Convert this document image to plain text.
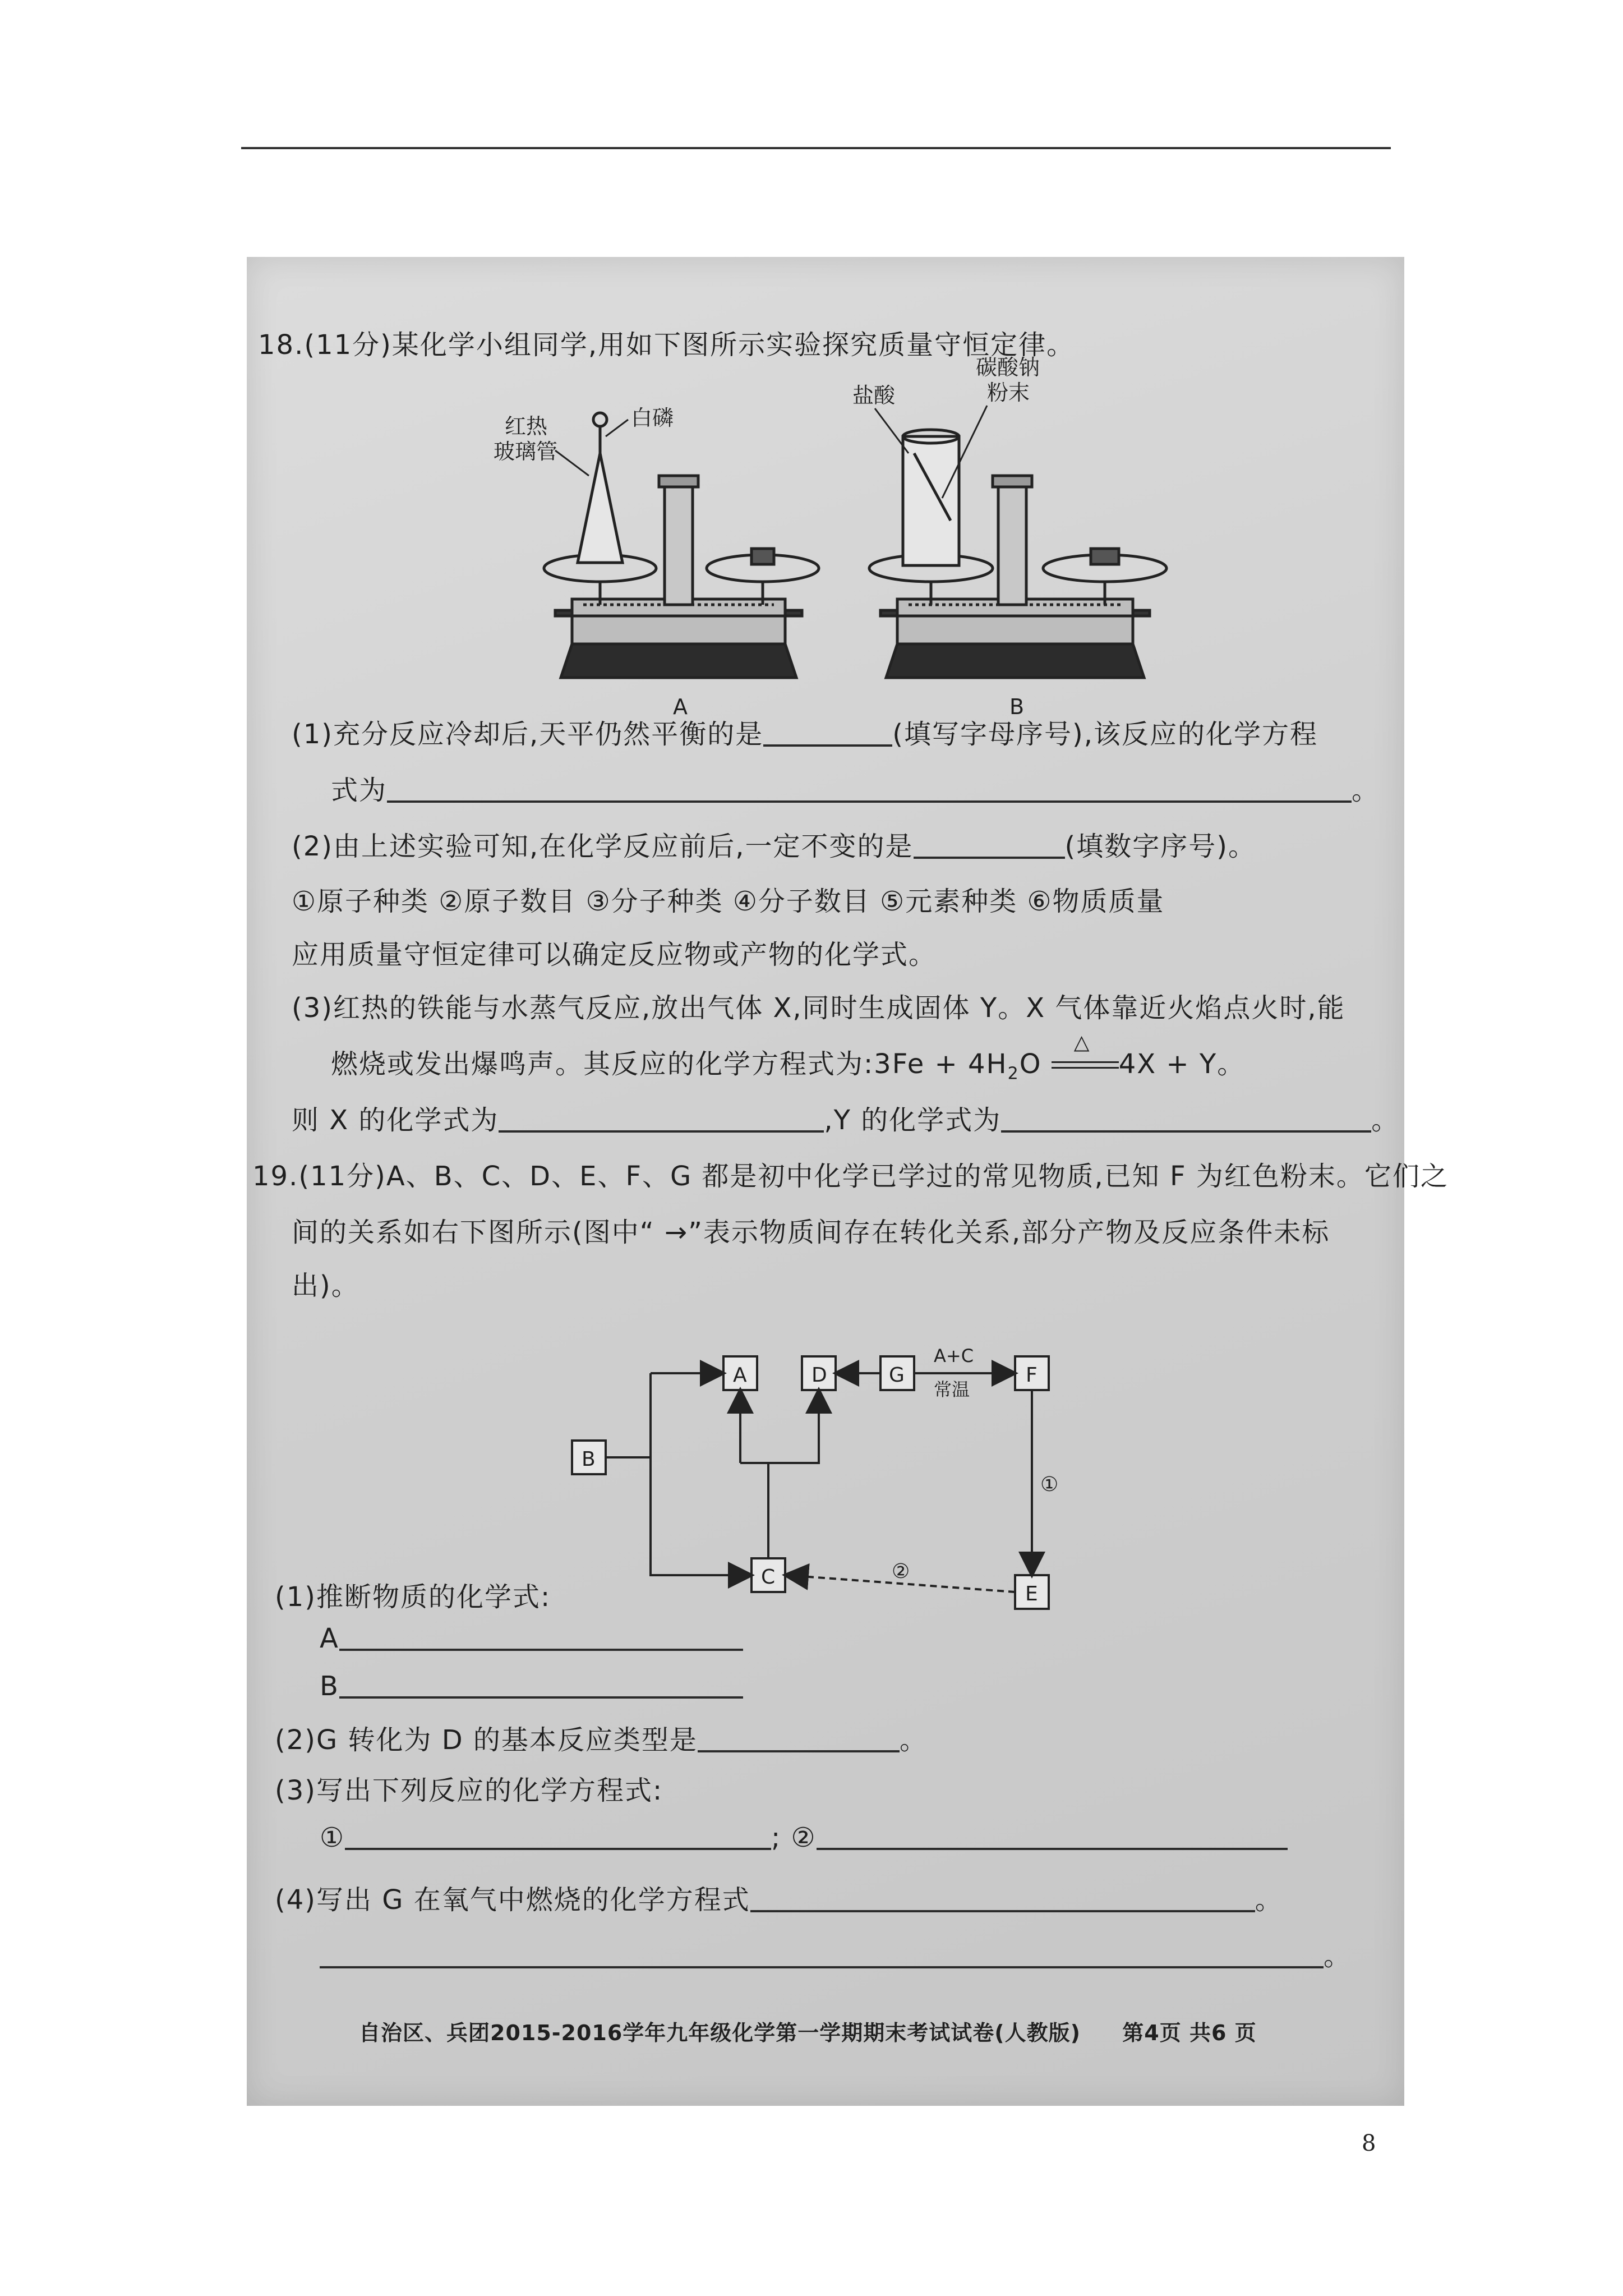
18.(11分)某化学小组同学,用如下图所示实验探究质量守恒定律。
红热
玻璃管
白磷
A
盐酸
碳酸钠
粉末
B
(1)充分反应冷却后,天平仍然平衡的是	(填写字母序号),该反应的化学方程
式为	。
(2)由上述实验可知,在化学反应前后,一定不变的是	(填数字序号)。
①原子种类 ②原子数目 ③分子种类 ④分子数目 ⑤元素种类 ⑥物质质量
应用质量守恒定律可以确定反应物或产物的化学式。
(3)红热的铁能与水蒸气反应,放出气体 X,同时生成固体 Y。X 气体靠近火焰点火时,能
燃烧或发出爆鸣声。其反应的化学方程式为:3Fe + $4H_2O$
△
4X + Y。
则 X 的化学式为	,Y 的化学式为	。
19.(11分)A、B、C、D、E、F、G 都是初中化学已学过的常见物质,已知 F 为红色粉末。它们之
间的关系如右下图所示(图中“ →”表示物质间存在转化关系,部分产物及反应条件未标
出)。
B
A	D	G	F
C
E
A+C
常温
①
②
(1)推断物质的化学式:
A
B
(2)G 转化为 D 的基本反应类型是	。
(3)写出下列反应的化学方程式:
①	; ②
(4)写出 G 在氧气中燃烧的化学方程式	。
。
自治区、兵团2015-2016学年九年级化学第一学期期末考试试卷(人教版) 第4页 共6 页
8
